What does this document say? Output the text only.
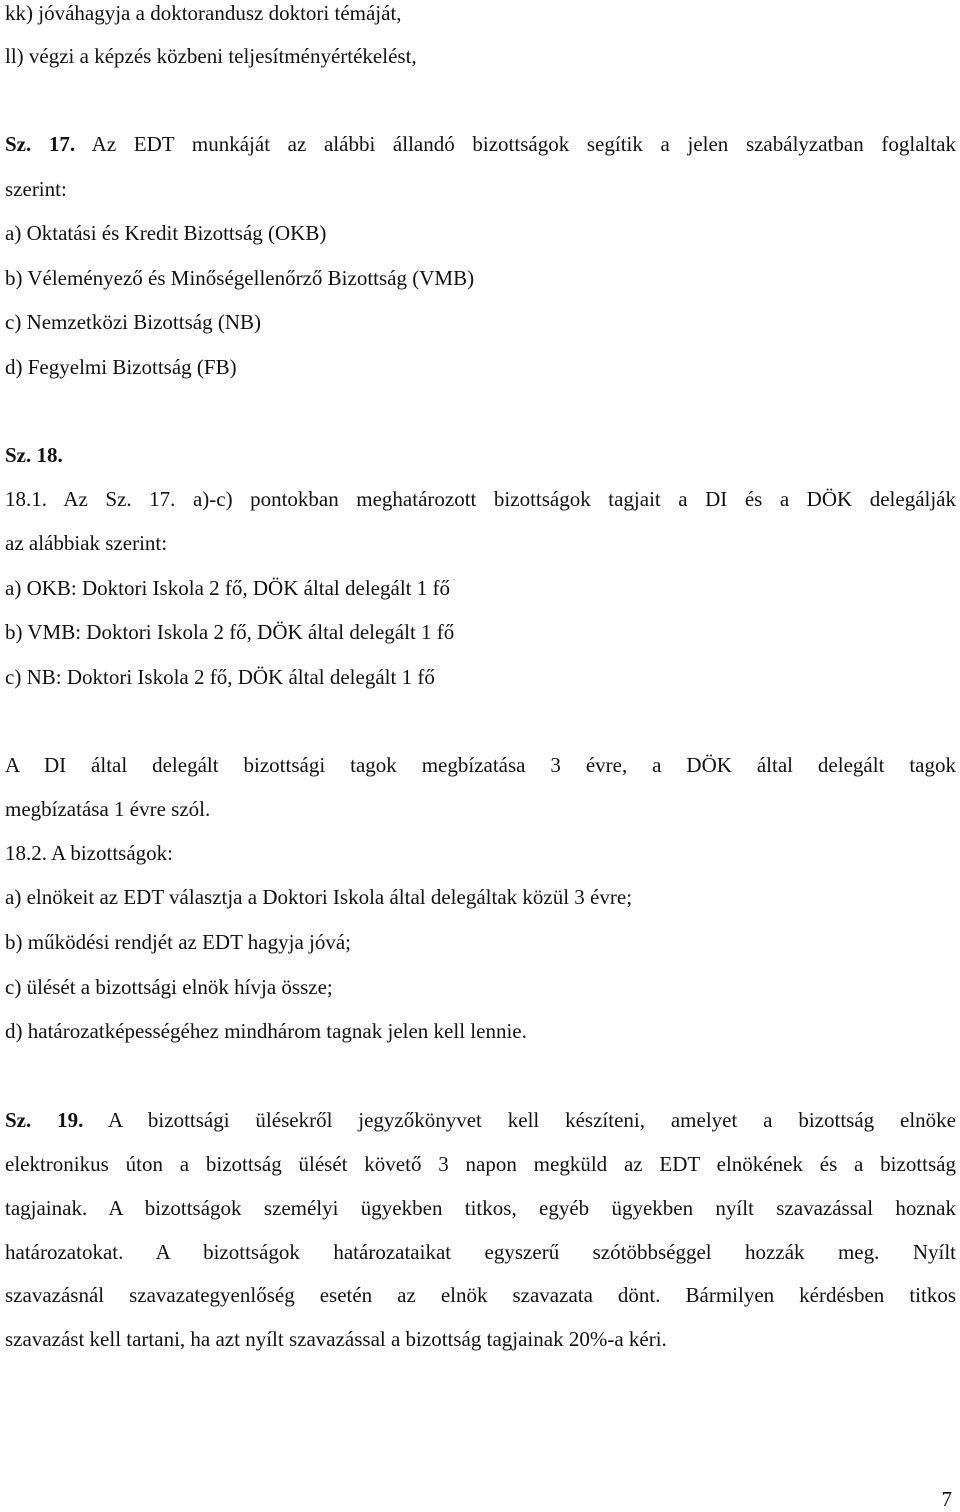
kk) jóváhagyja a doktorandusz doktori témáját,
ll) végzi a képzés közbeni teljesítményértékelést,
Sz. 17. Az EDT munkáját az alábbi állandó bizottságok segítik a jelen szabályzatban foglaltak
szerint:
a) Oktatási és Kredit Bizottság (OKB)
b) Véleményező és Minőségellenőrző Bizottság (VMB)
c) Nemzetközi Bizottság (NB)
d) Fegyelmi Bizottság (FB)
Sz. 18.
18.1. Az Sz. 17. a)-c) pontokban meghatározott bizottságok tagjait a DI és a DÖK delegálják
az alábbiak szerint:
a) OKB: Doktori Iskola 2 fő, DÖK által delegált 1 fő
b) VMB: Doktori Iskola 2 fő, DÖK által delegált 1 fő
c) NB: Doktori Iskola 2 fő, DÖK által delegált 1 fő
A DI által delegált bizottsági tagok megbízatása 3 évre, a DÖK által delegált tagok
megbízatása 1 évre szól.
18.2. A bizottságok:
a) elnökeit az EDT választja a Doktori Iskola által delegáltak közül 3 évre;
b) működési rendjét az EDT hagyja jóvá;
c) ülését a bizottsági elnök hívja össze;
d) határozatképességéhez mindhárom tagnak jelen kell lennie.
Sz. 19. A bizottsági ülésekről jegyzőkönyvet kell készíteni, amelyet a bizottság elnöke
elektronikus úton a bizottság ülését követő 3 napon megküld az EDT elnökének és a bizottság
tagjainak. A bizottságok személyi ügyekben titkos, egyéb ügyekben nyílt szavazással hoznak
határozatokat. A bizottságok határozataikat egyszerű szótöbbséggel hozzák meg. Nyílt
szavazásnál szavazategyenlőség esetén az elnök szavazata dönt. Bármilyen kérdésben titkos
szavazást kell tartani, ha azt nyílt szavazással a bizottság tagjainak 20%-a kéri.
7
